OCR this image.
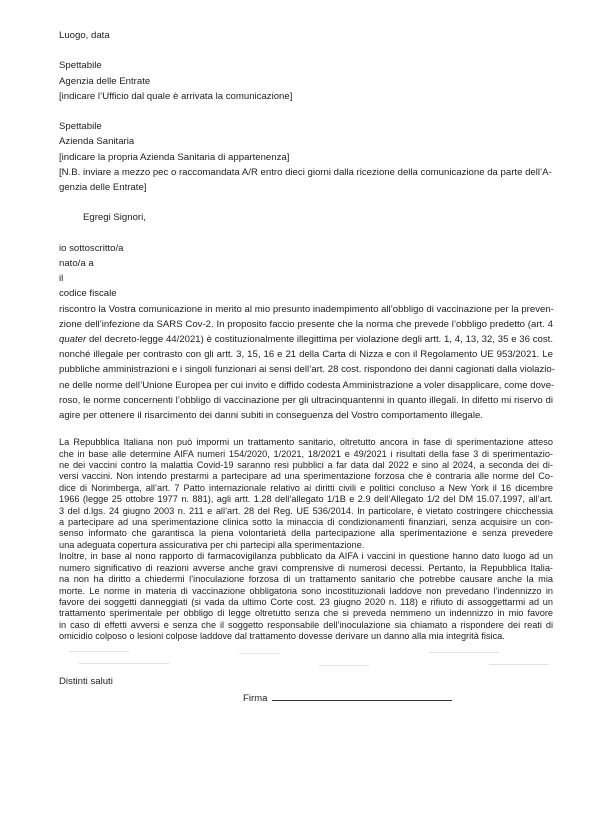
Luogo, data
Spettabile
Agenzia delle Entrate
[indicare l’Ufficio dal quale è arrivata la comunicazione]
Spettabile
Azienda Sanitaria
[indicare la propria Azienda Sanitaria di appartenenza]
[N.B. inviare a mezzo pec o raccomandata A/R entro dieci giorni dalla ricezione della comunicazione da parte dell’A-
genzia delle Entrate]
Egregi Signori,
io sottoscritto/a
nato/a a
il
codice fiscale
riscontro la Vostra comunicazione in merito al mio presunto inadempimento all’obbligo di vaccinazione per la preven-
zione dell’infezione da SARS Cov-2. In proposito faccio presente che la norma che prevede l’obbligo predetto (art. 4
quater del decreto-legge 44/2021) è costituzionalmente illegittima per violazione degli artt. 1, 4, 13, 32, 35 e 36 cost.
nonché illegale per contrasto con gli artt. 3, 15, 16 e 21 della Carta di Nizza e con il Regolamento UE 953/2021. Le
pubbliche amministrazioni e i singoli funzionari ai sensi dell’art. 28 cost. rispondono dei danni cagionati dalla violazio-
ne delle norme dell’Unione Europea per cui invito e diffido codesta Amministrazione a voler disapplicare, come dove-
roso, le norme concernenti l’obbligo di vaccinazione per gli ultracinquantenni in quanto illegali. In difetto mi riservo di
agire per ottenere il risarcimento dei danni subiti in conseguenza del Vostro comportamento illegale.
La Repubblica Italiana non può impormi un trattamento sanitario, oltretutto ancora in fase di sperimentazione atteso
che in base alle determine AIFA numeri 154/2020, 1/2021, 18/2021 e 49/2021 i risultati della fase 3 di sperimentazio-
ne dei vaccini contro la malattia Covid-19 saranno resi pubblici a far data dal 2022 e sino al 2024, a seconda dei di-
versi vaccini. Non intendo prestarmi a partecipare ad una sperimentazione forzosa che è contraria alle norme del Co-
dice di Norimberga, all’art. 7 Patto internazionale relativo ai diritti civili e politici concluso a New York il 16 dicembre
1966 (legge 25 ottobre 1977 n. 881), agli artt. 1.28 dell’allegato 1/1B e 2.9 dell’Allegato 1/2 del DM 15.07.1997, all’art.
3 del d.lgs. 24 giugno 2003 n. 211 e all’art. 28 del Reg. UE 536/2014. In particolare, è vietato costringere chicchessia
a partecipare ad una sperimentazione clinica sotto la minaccia di condizionamenti finanziari, senza acquisire un con-
senso informato che garantisca la piena volontarietà della partecipazione alla sperimentazione e senza prevedere
una adeguata copertura assicurativa per chi partecipi alla sperimentazione.
Inoltre, in base al nono rapporto di farmacovigilanza pubblicato da AIFA i vaccini in questione hanno dato luogo ad un
numero significativo di reazioni avverse anche gravi comprensive di numerosi decessi. Pertanto, la Repubblica Italia-
na non ha diritto a chiedermi l’inoculazione forzosa di un trattamento sanitario che potrebbe causare anche la mia
morte. Le norme in materia di vaccinazione obbligatoria sono incostituzionali laddove non prevedano l’indennizzo in
favore dei soggetti danneggiati (si vada da ultimo Corte cost. 23 giugno 2020 n. 118) e rifiuto di assoggettarmi ad un
trattamento sperimentale per obbligo di legge oltretutto senza che si preveda nemmeno un indennizzo in mio favore
in caso di effetti avversi e senza che il soggetto responsabile dell’inoculazione sia chiamato a rispondere dei reati di
omicidio colposo o lesioni colpose laddove dal trattamento dovesse derivare un danno alla mia integrità fisica.
Distinti saluti
Firma
